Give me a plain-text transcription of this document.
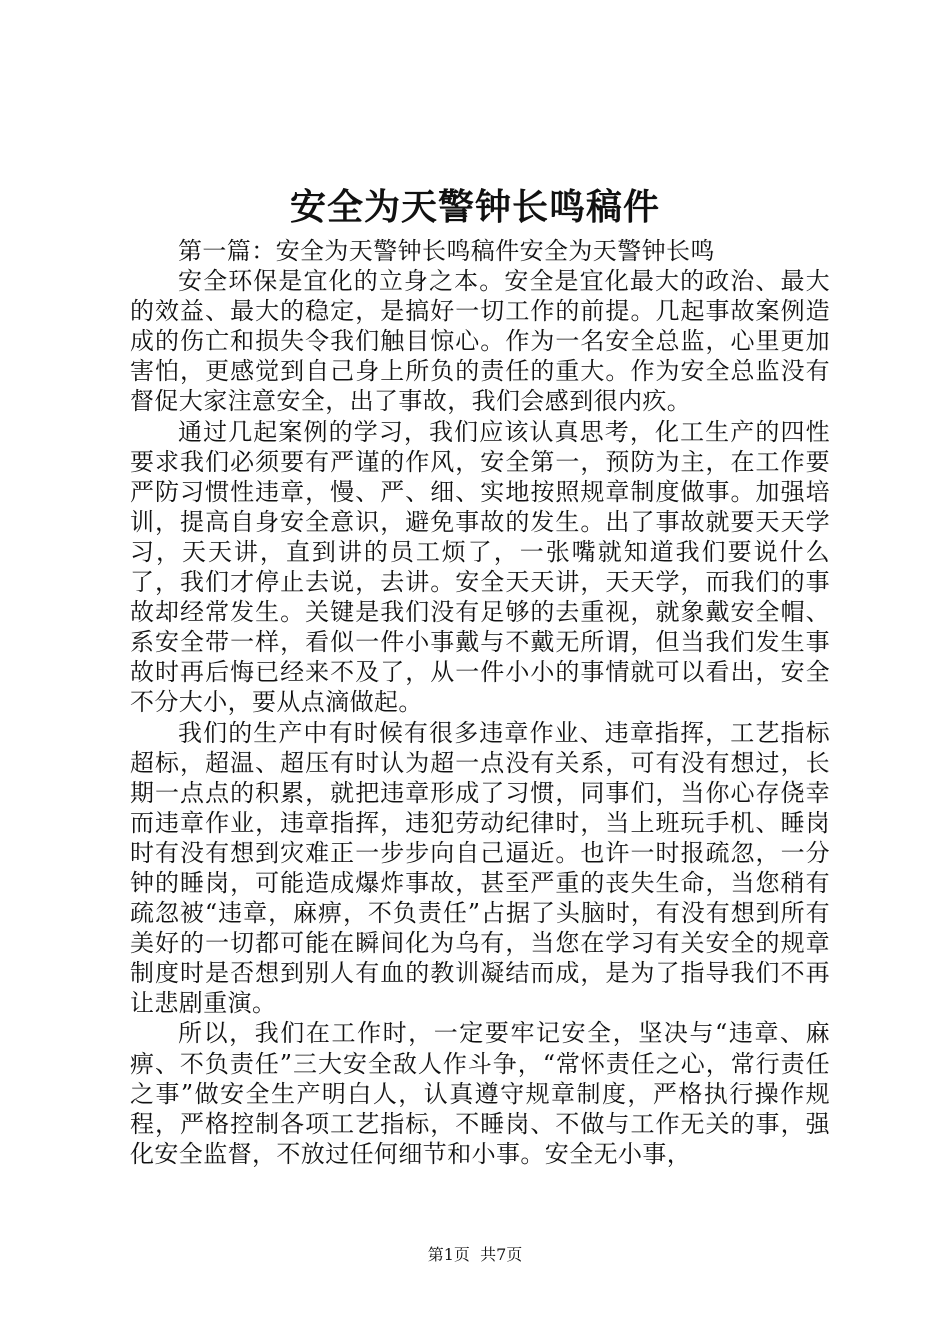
安全为天警钟长鸣稿件

第一篇：安全为天警钟长鸣稿件安全为天警钟长鸣

安全环保是宜化的立身之本。安全是宜化最大的政治、最大的效益、最大的稳定，是搞好一切工作的前提。几起事故案例造成的伤亡和损失令我们触目惊心。作为一名安全总监，心里更加害怕，更感觉到自己身上所负的责任的重大。作为安全总监没有督促大家注意安全，出了事故，我们会感到很内疚。

通过几起案例的学习，我们应该认真思考，化工生产的四性要求我们必须要有严谨的作风，安全第一，预防为主，在工作要严防习惯性违章，慢、严、细、实地按照规章制度做事。加强培训，提高自身安全意识，避免事故的发生。出了事故就要天天学习，天天讲，直到讲的员工烦了，一张嘴就知道我们要说什么了，我们才停止去说，去讲。安全天天讲，天天学，而我们的事故却经常发生。关键是我们没有足够的去重视，就象戴安全帽、系安全带一样，看似一件小事戴与不戴无所谓，但当我们发生事故时再后悔已经来不及了，从一件小小的事情就可以看出，安全不分大小，要从点滴做起。

我们的生产中有时候有很多违章作业、违章指挥，工艺指标超标，超温、超压有时认为超一点没有关系，可有没有想过，长期一点点的积累，就把违章形成了习惯，同事们，当你心存侥幸而违章作业，违章指挥，违犯劳动纪律时，当上班玩手机、睡岗时有没有想到灾难正一步步向自己逼近。也许一时报疏忽，一分钟的睡岗，可能造成爆炸事故，甚至严重的丧失生命，当您稍有疏忽被“违章，麻痹，不负责任”占据了头脑时，有没有想到所有美好的一切都可能在瞬间化为乌有，当您在学习有关安全的规章制度时是否想到别人有血的教训凝结而成，是为了指导我们不再让悲剧重演。

所以，我们在工作时，一定要牢记安全，坚决与“违章、麻痹、不负责任”三大安全敌人作斗争，“常怀责任之心，常行责任之事”做安全生产明白人，认真遵守规章制度，严格执行操作规程，严格控制各项工艺指标，不睡岗、不做与工作无关的事，强化安全监督，不放过任何细节和小事。安全无小事，

第1页  共7页
